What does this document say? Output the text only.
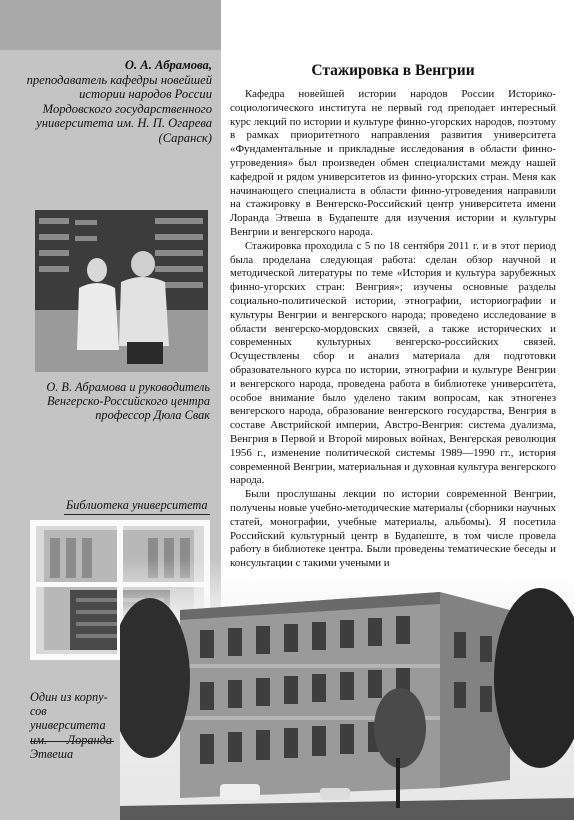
О. А. Абрамова,
преподаватель кафедры новейшей
истории народов России
Мордовского государственного
университета им. Н. П. Огарева
(Саранск)
О. В. Абрамова и руководитель
Венгерско-Российского центра
профессор Дюла Свак
Библиотека университета
Один из корпу-
сов университета
им. Лоранда Этвеша
Стажировка в Венгрии

Кафедра новейшей истории народов России Историко-социологического института не первый год преподает интересный курс лекций по истории и культуре финно-угорских народов, поэтому в рамках приоритетного направления развития университета «Фундаментальные и прикладные исследования в области финно-угроведения» был произведен обмен специалистами между нашей кафедрой и рядом университетов из финно-угорских стран. Меня как начинающего специалиста в области финно-угроведения направили на стажировку в Венгерско-Российский центр университета имени Лоранда Этвеша в Будапеште для изучения истории и культуры Венгрии и венгерского народа.

Стажировка проходила с 5 по 18 сентября 2011 г. и в этот период была проделана следующая работа: сделан обзор научной и методической литературы по теме «История и культура зарубежных финно-угорских стран: Венгрия»; изучены основные разделы социально-политической истории, этнографии, историографии и культуры Венгрии и венгерского народа; проведено исследование в области венгерско-мордовских связей, а также исторических и современных культурных венгерско-российских связей. Осуществлены сбор и анализ материала для подготовки образовательного курса по истории, этнографии и культуре Венгрии и венгерского народа, проведена работа в библиотеке университета, особое внимание было уделено таким вопросам, как этногенез венгерского народа, образование венгерского государства, Венгрия в составе Австрийской империи, Австро-Венгрия: система дуализма, Венгрия в Первой и Второй мировых войнах, Венгерская революция 1956 г., изменение политической системы 1989—1990 гг., история современной Венгрии, материальная и духовная культура венгерского народа.

Были прослушаны лекции по истории современной Венгрии, получены новые учебно-методические материалы (сборники научных статей, монографии, учебные материалы, альбомы). Я посетила Российский культурный центр в Будапеште, в том числе провела работу в библиотеке центра. Были проведены тематические беседы и консультации с такими учеными и
